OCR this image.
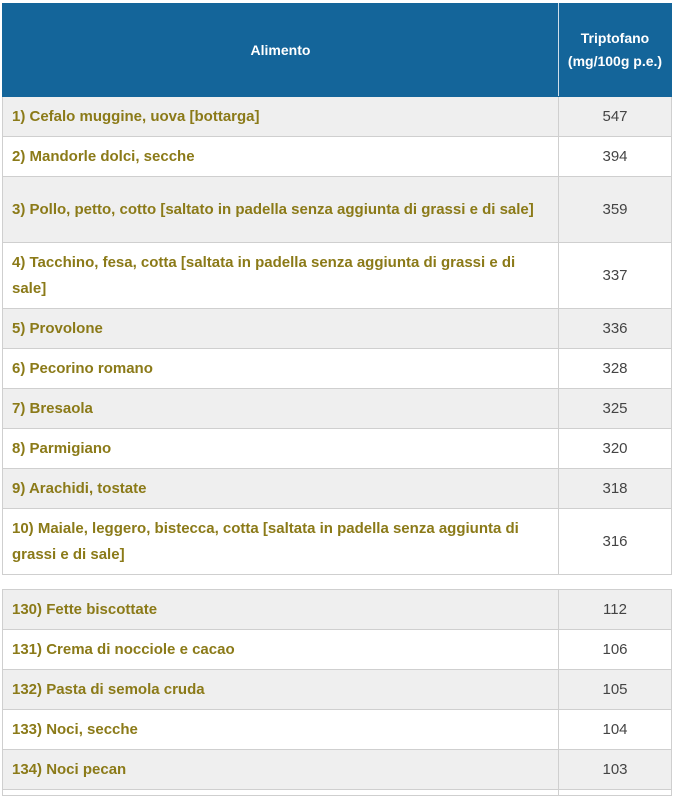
Alimento	Triptofano (mg/100g p.e.)
1) Cefalo muggine, uova [bottarga]	547
2) Mandorle dolci, secche	394
3) Pollo, petto, cotto [saltato in padella senza aggiunta di grassi e di sale]	359
4) Tacchino, fesa, cotta [saltata in padella senza aggiunta di grassi e di sale]	337
5) Provolone	336
6) Pecorino romano	328
7) Bresaola	325
8) Parmigiano	320
9) Arachidi, tostate	318
10) Maiale, leggero, bistecca, cotta [saltata in padella senza aggiunta di grassi e di sale]	316
130) Fette biscottate	112
131) Crema di nocciole e cacao	106
132) Pasta di semola cruda	105
133) Noci, secche	104
134) Noci pecan	103
